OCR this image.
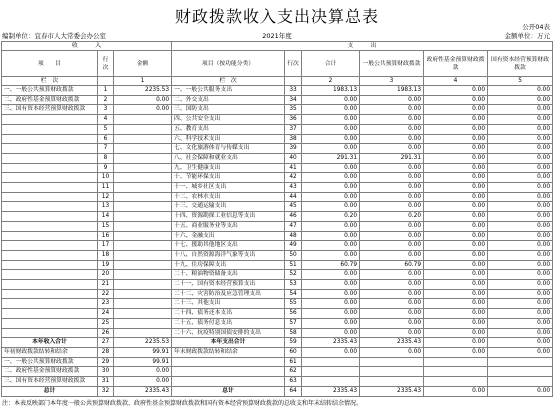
财政拨款收入支出决算总表
公开04表
编制单位：宜春市人大常委会办公室	2021年度	金额单位：万元
收　　　入			支　　　出					
项　　目	行次	金额	项目（按功能分类）	行次	合计	一般公共预算财政拨款	政府性基金预算财政拨款	国有资本经营预算财政拨款
栏　次		1	栏　次		2	3	4	5
一、一般公共预算财政拨款	1	2235.53	一、一般公共服务支出	33	1983.13	1983.13	0.00	0.00
二、政府性基金预算财政拨款	2	0.00	二、外交支出	34	0.00	0.00	0.00	0.00
三、国有资本经营预算财政拨款	3	0.00	三、国防支出	35	0.00	0.00	0.00	0.00
	4		四、公共安全支出	36	0.00	0.00	0.00	0.00
	5		五、教育支出	37	0.00	0.00	0.00	0.00
	6		六、科学技术支出	38	0.00	0.00	0.00	0.00
	7		七、文化旅游体育与传媒支出	39	0.00	0.00	0.00	0.00
	8		八、社会保障和就业支出	40	291.31	291.31	0.00	0.00
	9		九、卫生健康支出	41	0.00	0.00	0.00	0.00
	10		十、节能环保支出	42	0.00	0.00	0.00	0.00
	11		十一、城乡社区支出	43	0.00	0.00	0.00	0.00
	12		十二、农林水支出	44	0.00	0.00	0.00	0.00
	13		十三、交通运输支出	45	0.00	0.00	0.00	0.00
	14		十四、资源勘探工业信息等支出	46	0.20	0.20	0.00	0.00
	15		十五、商业服务业等支出	47	0.00	0.00	0.00	0.00
	16		十六、金融支出	48	0.00	0.00	0.00	0.00
	17		十七、援助其他地区支出	49	0.00	0.00	0.00	0.00
	18		十八、自然资源海洋气象等支出	50	0.00	0.00	0.00	0.00
	19		十九、住房保障支出	51	60.79	60.79	0.00	0.00
	20		二十、粮油物资储备支出	52	0.00	0.00	0.00	0.00
	21		二十一、国有资本经营预算支出	53	0.00	0.00	0.00	0.00
	22		二十二、灾害防治及应急管理支出	54	0.00	0.00	0.00	0.00
	23		二十三、其他支出	55	0.00	0.00	0.00	0.00
	24		二十四、债务还本支出	56	0.00	0.00	0.00	0.00
	25		二十五、债务付息支出	57	0.00	0.00	0.00	0.00
	26		二十六、抗疫特别国债安排的支出	58	0.00	0.00	0.00	0.00
本年收入合计	27	2235.53	本年支出合计	59	2335.43	2335.43	0.00	0.00
年初财政拨款结转和结余	28	99.91	年末财政拨款结转和结余	60	0.00	0.00	0.00	0.00
一、一般公共预算财政拨款	29	99.91		61				
二、政府性基金预算财政拨款	30	0.00		62				
三、国有资本经营预算财政拨款	31	0.00		63				
总计	32	2335.43	总计	64	2335.43	2335.43	0.00	0.00
注：本表反映部门本年度一般公共预算财政拨款、政府性基金预算财政拨款和国有资本经营预算财政拨款的总收支和年末结转结余情况。
